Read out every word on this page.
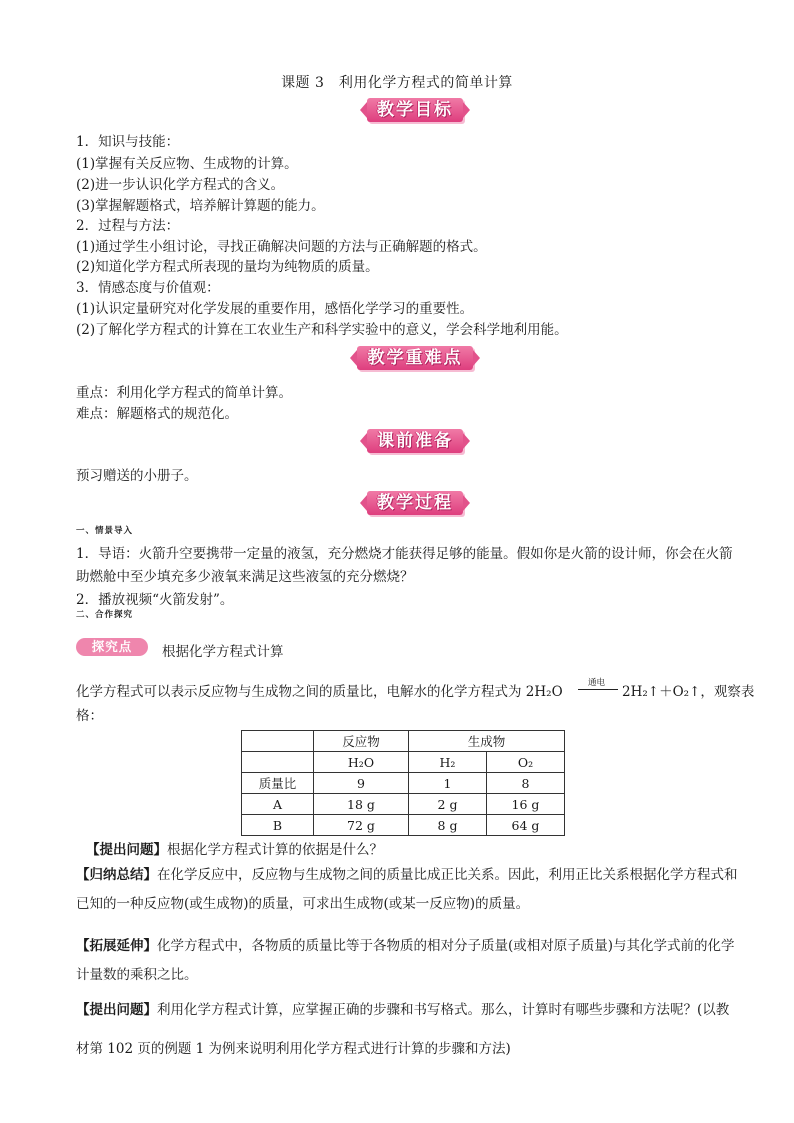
课题 3　利用化学方程式的简单计算
教学目标
1．知识与技能：
(1)掌握有关反应物、生成物的计算。
(2)进一步认识化学方程式的含义。
(3)掌握解题格式，培养解计算题的能力。
2．过程与方法：
(1)通过学生小组讨论，寻找正确解决问题的方法与正确解题的格式。
(2)知道化学方程式所表现的量均为纯物质的质量。
3．情感态度与价值观：
(1)认识定量研究对化学发展的重要作用，感悟化学学习的重要性。
(2)了解化学方程式的计算在工农业生产和科学实验中的意义，学会科学地利用能。
教学重难点
重点：利用化学方程式的简单计算。
难点：解题格式的规范化。
课前准备
预习赠送的小册子。
教学过程
一、情景导入
1．导语：火箭升空要携带一定量的液氢，充分燃烧才能获得足够的能量。假如你是火箭的设计师，你会在火箭
助燃舱中至少填充多少液氧来满足这些液氢的充分燃烧？
2．播放视频“火箭发射”。
二、合作探究
探究点	根据化学方程式计算
化学方程式可以表示反应物与生成物之间的质量比，电解水的化学方程式为 2H₂O
通电
2H₂↑＋O₂↑，观察表
格：
	反应物	生成物	
	H₂O	H₂	O₂
质量比	9	1	8
A	18 g	2 g	16 g
B	72 g	8 g	64 g
【提出问题】根据化学方程式计算的依据是什么？
【归纳总结】在化学反应中，反应物与生成物之间的质量比成正比关系。因此，利用正比关系根据化学方程式和
已知的一种反应物(或生成物)的质量，可求出生成物(或某一反应物)的质量。
【拓展延伸】化学方程式中，各物质的质量比等于各物质的相对分子质量(或相对原子质量)与其化学式前的化学
计量数的乘积之比。
【提出问题】利用化学方程式计算，应掌握正确的步骤和书写格式。那么，计算时有哪些步骤和方法呢？(以教
材第 102 页的例题 1 为例来说明利用化学方程式进行计算的步骤和方法)
